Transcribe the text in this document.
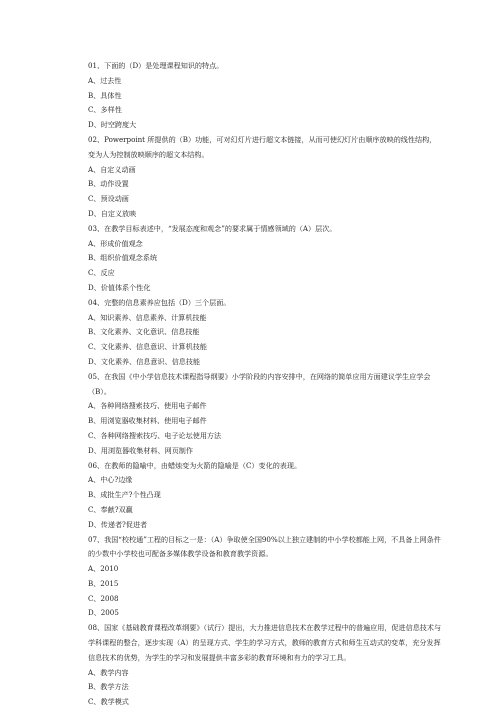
01、下面的（D）是处理课程知识的特点。
A、过去性
B、具体性
C、多样性
D、时空跨度大
02、Powerpoint 所提供的（B）功能，可对幻灯片进行超文本链接，从而可使幻灯片由顺序放映的线性结构，变为人为控制放映顺序的超文本结构。
A、自定义动画
B、动作设置
C、预设动画
D、自定义放映
03、在教学目标表述中，“发展态度和观念”的要求属于情感领域的（A）层次。
A、形成价值观念
B、组织价值观念系统
C、反应
D、价值体系个性化
04、完整的信息素养应包括（D）三个层面。
A、知识素养、信息素养、计算机技能
B、文化素养、文化意识、信息技能
C、文化素养、信息意识、计算机技能
D、文化素养、信息意识、信息技能
05、在我国《中小学信息技术课程指导纲要》小学阶段的内容安排中，在网络的简单应用方面建议学生应学会（B）。
A、各种网络搜索技巧、使用电子邮件
B、用浏览器收集材料、使用电子邮件
C、各种网络搜索技巧、电子论坛使用方法
D、用浏览器收集材料、网页制作
06、在教师的隐喻中，由蜡烛变为火箭的隐喻是（C）变化的表现。
A、中心?边缘
B、成批生产?个性凸现
C、奉献?双赢
D、传递者?促进者
07、我国“校校通”工程的目标之一是：（A）争取使全国90%以上独立建制的中小学校都能上网，不具备上网条件的少数中小学校也可配备多媒体教学设备和教育教学资源。
A、2010
B、2015
C、2008
D、2005
08、国家《基础教育课程改革纲要》（试行）提出，大力推进信息技术在教学过程中的普遍应用，促进信息技术与学科课程的整合，逐步实现（A）的呈现方式、学生的学习方式，教师的教育方式和师生互动式的变革，充分发挥信息技术的优势，为学生的学习和发展提供丰富多彩的教育环境和有力的学习工具。
A、教学内容
B、教学方法
C、教学模式
